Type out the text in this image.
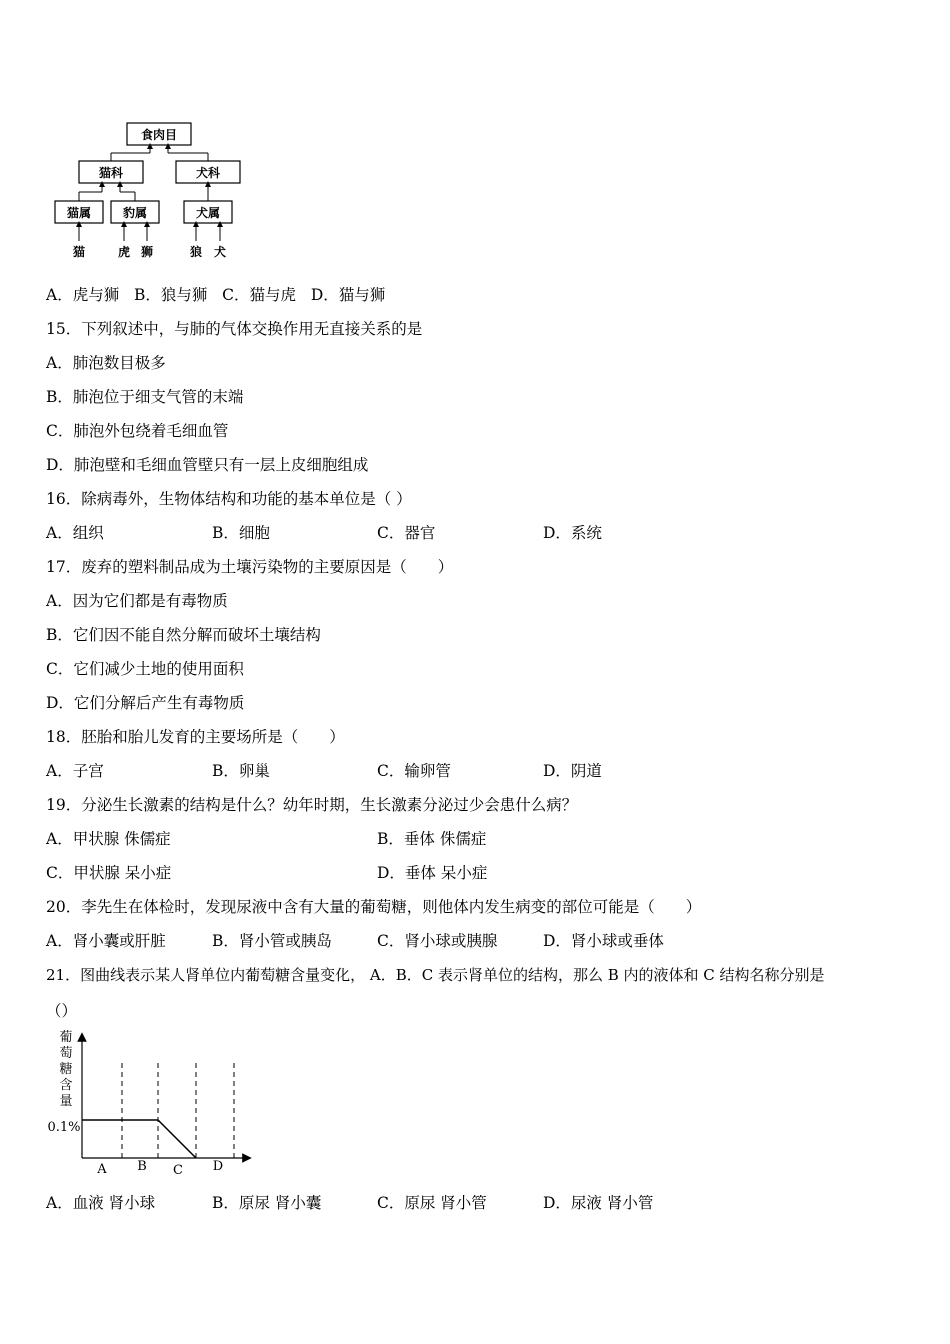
食肉目
猫科	犬科
猫属	豹属	犬属
猫	虎 狮	狼 犬
A．虎与狮 B．狼与狮 C．猫与虎 D．猫与狮
15．下列叙述中，与肺的气体交换作用无直接关系的是
A．肺泡数目极多
B．肺泡位于细支气管的末端
C．肺泡外包绕着毛细血管
D．肺泡壁和毛细血管壁只有一层上皮细胞组成
16．除病毒外，生物体结构和功能的基本单位是（ ）
A．组织	B．细胞	C．器官	D．系统
17．废弃的塑料制品成为土壤污染物的主要原因是（　　）
A．因为它们都是有毒物质
B．它们因不能自然分解而破坏土壤结构
C．它们减少土地的使用面积
D．它们分解后产生有毒物质
18．胚胎和胎儿发育的主要场所是（　　）
A．子宫	B．卵巢	C．输卵管	D．阴道
19．分泌生长激素的结构是什么？幼年时期，生长激素分泌过少会患什么病？
A．甲状腺 侏儒症	B．垂体 侏儒症
C．甲状腺 呆小症	D．垂体 呆小症
20．李先生在体检时，发现尿液中含有大量的葡萄糖，则他体内发生病变的部位可能是（　　）
A．肾小囊或肝脏	B．肾小管或胰岛	C．肾小球或胰腺	D．肾小球或垂体
21．图曲线表示某人肾单位内葡萄糖含量变化， A．B．C 表示肾单位的结构，那么 B 内的液体和 C 结构名称分别是
（）
葡
萄
糖
含
量
0.1%
A B C D
A．血液 肾小球	B．原尿 肾小囊	C．原尿 肾小管	D．尿液 肾小管
